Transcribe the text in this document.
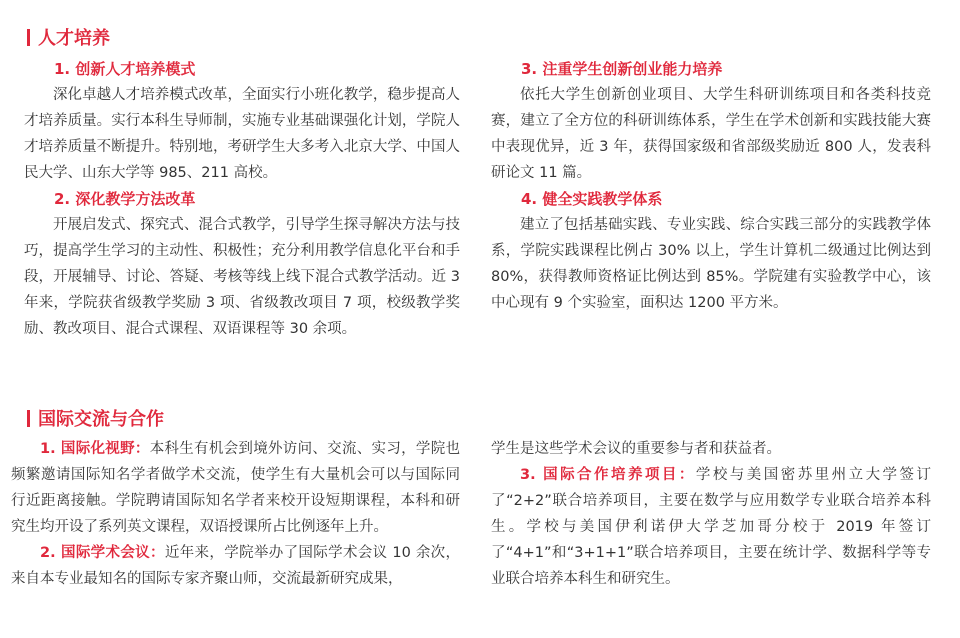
人才培养
1. 创新人才培养模式

深化卓越人才培养模式改革，全面实行小班化教学，稳步提高人才培养质量。实行本科生导师制，实施专业基础课强化计划，学院人才培养质量不断提升。特别地，考研学生大多考入北京大学、中国人民大学、山东大学等 985、211 高校。

2. 深化教学方法改革

开展启发式、探究式、混合式教学，引导学生探寻解决方法与技巧，提高学生学习的主动性、积极性；充分利用教学信息化平台和手段，开展辅导、讨论、答疑、考核等线上线下混合式教学活动。近 3 年来，学院获省级教学奖励 3 项、省级教改项目 7 项，校级教学奖励、教改项目、混合式课程、双语课程等 30 余项。

3. 注重学生创新创业能力培养

依托大学生创新创业项目、大学生科研训练项目和各类科技竞赛，建立了全方位的科研训练体系，学生在学术创新和实践技能大赛中表现优异，近 3 年，获得国家级和省部级奖励近 800 人，发表科研论文 11 篇。

4. 健全实践教学体系

建立了包括基础实践、专业实践、综合实践三部分的实践教学体系，学院实践课程比例占 30% 以上，学生计算机二级通过比例达到 80%，获得教师资格证比例达到 85%。学院建有实验教学中心，该中心现有 9 个实验室，面积达 1200 平方米。

国际交流与合作

1. 国际化视野：本科生有机会到境外访问、交流、实习，学院也频繁邀请国际知名学者做学术交流，使学生有大量机会可以与国际同行近距离接触。学院聘请国际知名学者来校开设短期课程，本科和研究生均开设了系列英文课程，双语授课所占比例逐年上升。

2. 国际学术会议：近年来，学院举办了国际学术会议 10 余次，来自本专业最知名的国际专家齐聚山师，交流最新研究成果，

学生是这些学术会议的重要参与者和获益者。

3. 国际合作培养项目：学校与美国密苏里州立大学签订了“2+2”联合培养项目，主要在数学与应用数学专业联合培养本科生。学校与美国伊利诺伊大学芝加哥分校于 2019 年签订了“4+1”和“3+1+1”联合培养项目，主要在统计学、数据科学等专业联合培养本科生和研究生。
